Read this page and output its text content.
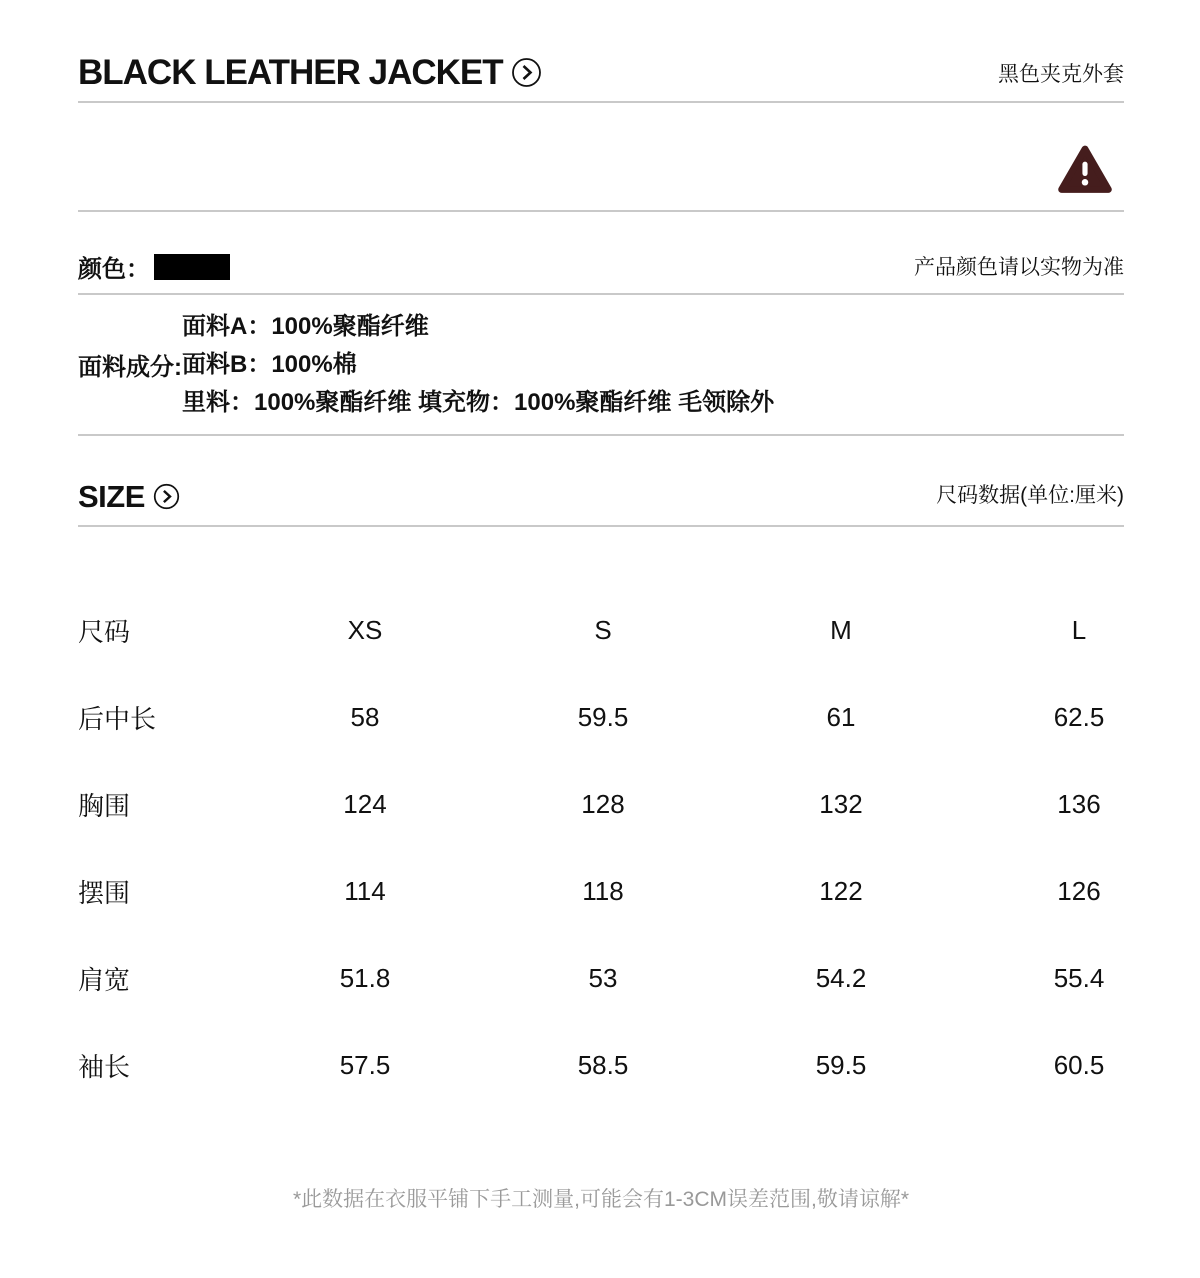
BLACK LEATHER JACKET	黑色夹克外套
颜色：	产品颜色请以实物为准
面料成分:
面料A：100%聚酯纤维
面料B：100%棉
里料：100%聚酯纤维 填充物：100%聚酯纤维 毛领除外
SIZE	尺码数据(单位:厘米)
尺码	XS	S	M	L
后中长	58	59.5	61	62.5
胸围	124	128	132	136
摆围	114	118	122	126
肩宽	51.8	53	54.2	55.4
袖长	57.5	58.5	59.5	60.5
*此数据在衣服平铺下手工测量,可能会有1-3CM误差范围,敬请谅解*
